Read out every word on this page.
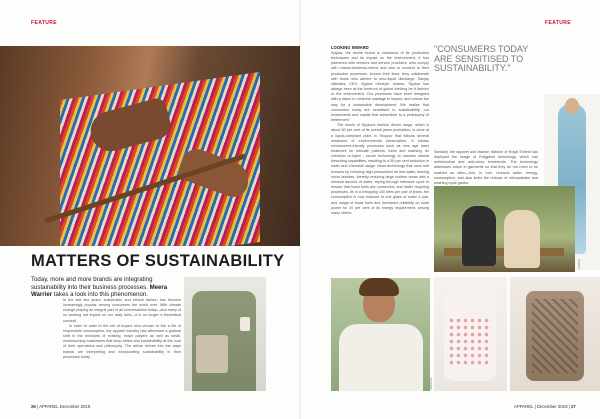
FEATURE	FEATURE
MATTERS OF SUSTAINABILITY
Today, more and more brands are integrating sustainability into their business processes. Meera Warrier takes a look into this phenomenon.

In the last few years, sustainable and ethical fashion has become increasingly popular among consumers the world over. With climate change playing an integral part of all conversations today—and many of us seeking out impact on our daily lives—it is no longer a theoretical concept.

In order to cater to the set of buyers who choose to live a life of responsible consumption, the apparel industry has witnessed a gradual shift in the mindsets of existing, major players as well as small, mushrooming businesses that keep ethics and sustainability at the core of their operations and philosophy. The article delves into the ways brands are interpreting and incorporating sustainability in their processes today.

26 | APPAREL December 2019
LOOKING INWARD

Spykar, the denim brand is conscious of its production techniques and its impact on the environment. It has partnered with vendors and service providers, who comply with mature-business-norms and who is connect to their production processes. Across their lines, they collaborate with those who adhere to zero-liquid discharge. Sanjay Vakharia, CEO, Spykar Lifestyle, shares, 'Spykar has always been at the forefront of global thinking be it fashion or the environment. Our processes have been designed with a vision to minimise wastage to impact, and reduce the way for a sustainable development. We realise that consumers today are sensitised to sustainability, our investments and capital that subscribes to a philosophy of betterment.'

The whole of Spykar's fashion denim range, which is about 60 per cent of its overall jeans production, is done at a liquid-compliant plant in Tiruppur that follows several measures of environmental preservation. It follows environment-friendly processes such as new age laser treatment for intricate patterns, trees and washing. Its chemical re-inject - ozone technology to harness natural bleaching capabilities, resulting to a 50 per cent reduction in water and chemical usage; clean technology that uses real humans by reducing high-pressurised air into water, leaving micro bubbles, thereby reducing large surface areas with a minimal amount of water; drying through intensive cycle to ensure that fossil fuels are conserved; and water recycling processes. Its in a whopping 100 litres per pair of jeans, the consumption is now reduced to one glass of water a pair, and usage of fossil fuels and increased reliability on solar power for 20 per cent of its energy requirement, among many others.

"CONSUMERS TODAY ARE SENSITISED TO SUSTAINABILITY."

Similarly, the apparel and fashion division of Royal Enfield has deployed the usage of Polygiene technology, which has antimicrobial and anti-odour treatments. The technology addresses odour in garments so that they do not need to be washed as often—this, in turn, reduces water, energy, consumption, and also limits the release of microplastics and washing cycle gases.

RAWPIXEL
LENZING
APPAREL | December 2019 | 27
